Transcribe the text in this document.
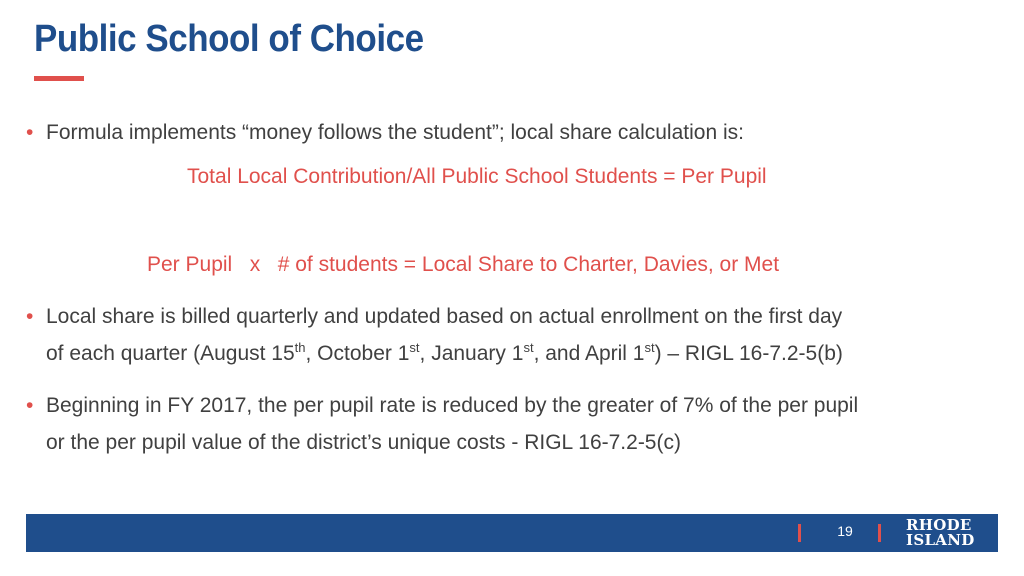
Public School of Choice
• Formula implements “money follows the student”; local share calculation is:
Total Local Contribution/All Public School Students = Per Pupil
Per Pupil   x   # of students = Local Share to Charter, Davies, or Met
• Local share is billed quarterly and updated based on actual enrollment on the first day
of each quarter (August 15th, October 1st, January 1st, and April 1st) – RIGL 16-7.2-5(b)
• Beginning in FY 2017, the per pupil rate is reduced by the greater of 7% of the per pupil
or the per pupil value of the district’s unique costs - RIGL 16-7.2-5(c)
19	RHODE
ISLAND
